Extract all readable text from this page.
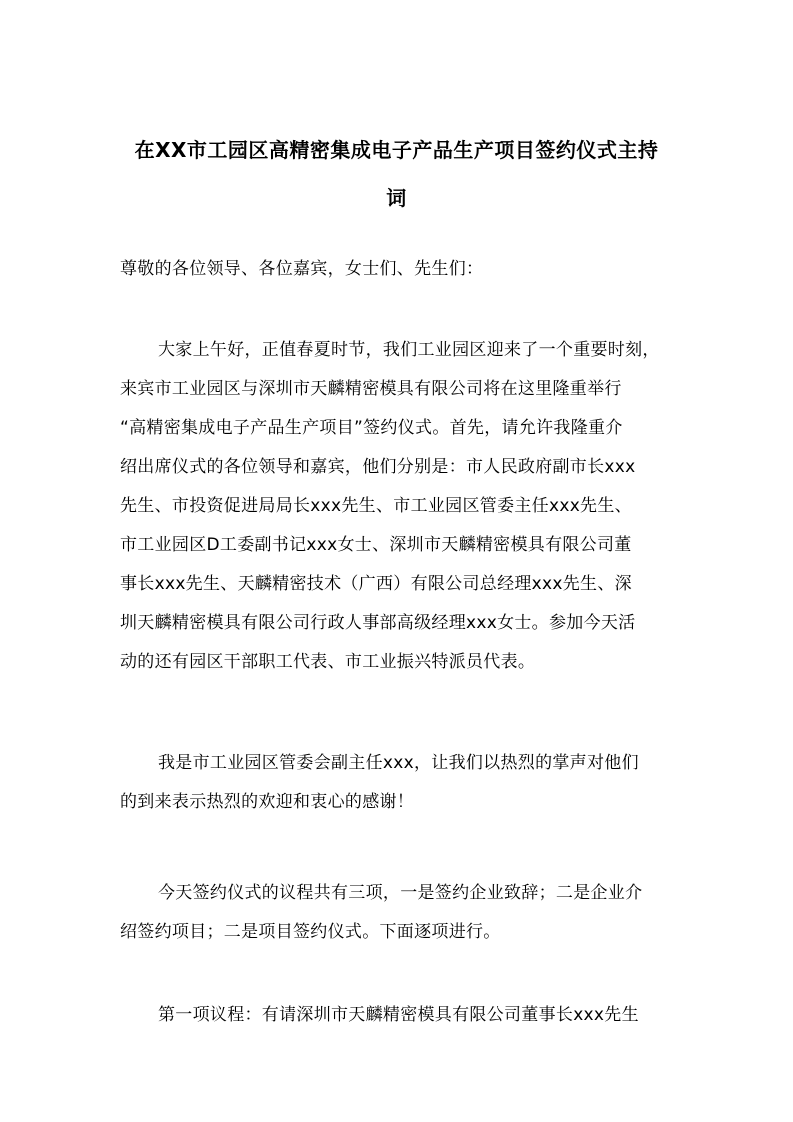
在XX市工园区高精密集成电子产品生产项目签约仪式主持
词
尊敬的各位领导、各位嘉宾，女士们、先生们：
大家上午好，正值春夏时节，我们工业园区迎来了一个重要时刻，
来宾市工业园区与深圳市天麟精密模具有限公司将在这里隆重举行
“高精密集成电子产品生产项目”签约仪式。首先，请允许我隆重介
绍出席仪式的各位领导和嘉宾，他们分别是：市人民政府副市长xxx
先生、市投资促进局局长xxx先生、市工业园区管委主任xxx先生、
市工业园区D工委副书记xxx女士、深圳市天麟精密模具有限公司董
事长xxx先生、天麟精密技术（广西）有限公司总经理xxx先生、深
圳天麟精密模具有限公司行政人事部高级经理xxx女士。参加今天活
动的还有园区干部职工代表、市工业振兴特派员代表。
我是市工业园区管委会副主任xxx，让我们以热烈的掌声对他们
的到来表示热烈的欢迎和衷心的感谢！
今天签约仪式的议程共有三项，一是签约企业致辞；二是企业介
绍签约项目；二是项目签约仪式。下面逐项进行。
第一项议程：有请深圳市天麟精密模具有限公司董事长xxx先生
